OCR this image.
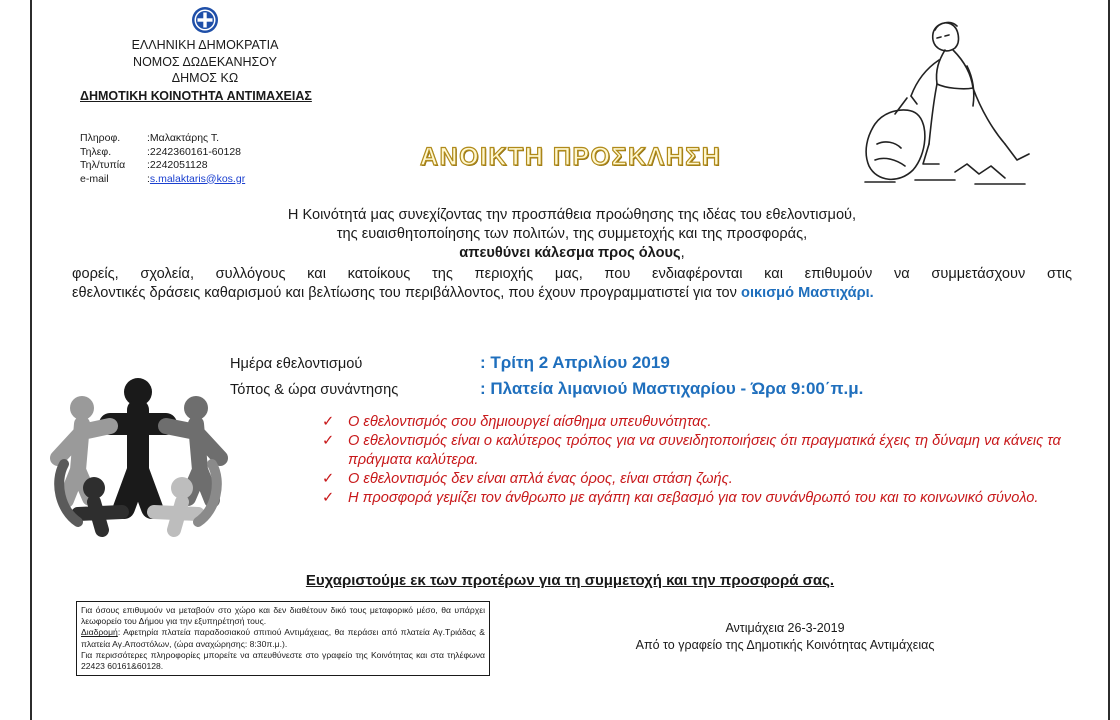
ΕΛΛΗΝΙΚΗ ΔΗΜΟΚΡΑΤΙΑ
ΝΟΜΟΣ ΔΩΔΕΚΑΝΗΣΟΥ
ΔΗΜΟΣ ΚΩ
ΔΗΜΟΤΙΚΗ ΚΟΙΝΟΤΗΤΑ ΑΝΤΙΜΑΧΕΙΑΣ
Πληροφ.	:Μαλακτάρης Τ.
Τηλεφ.	:2242360161-60128
Τηλ/τυπία	:2242051128
e-mail	:s.malaktaris@kos.gr
ΑΝΟΙΚΤΗ ΠΡΟΣΚΛΗΣΗ
Η Κοινότητά μας συνεχίζοντας την προσπάθεια προώθησης της ιδέας του εθελοντισμού,
της ευαισθητοποίησης των πολιτών, της συμμετοχής και της προσφοράς,
απευθύνει κάλεσμα προς όλους,
φορείς, σχολεία, συλλόγους και κατοίκους της περιοχής μας, που ενδιαφέρονται και επιθυμούν να συμμετάσχουν στις
εθελοντικές δράσεις καθαρισμού και βελτίωσης του περιβάλλοντος, που έχουν προγραμματιστεί για τον οικισμό Μαστιχάρι.
Ημέρα εθελοντισμού	: Τρίτη 2 Απριλίου 2019
Τόπος & ώρα συνάντησης	: Πλατεία λιμανιού Μαστιχαρίου - Ώρα 9:00΄π.μ.
✓ Ο εθελοντισμός σου δημιουργεί αίσθημα υπευθυνότητας.
✓ Ο εθελοντισμός είναι ο καλύτερος τρόπος για να συνειδητοποιήσεις ότι πραγματικά έχεις τη δύναμη να κάνεις τα πράγματα καλύτερα.
✓ Ο εθελοντισμός δεν είναι απλά ένας όρος, είναι στάση ζωής.
✓ Η προσφορά γεμίζει τον άνθρωπο με αγάπη και σεβασμό για τον συνάνθρωπό του και το κοινωνικό σύνολο.
Ευχαριστούμε εκ των προτέρων για τη συμμετοχή και την προσφορά σας.
Για όσους επιθυμούν να μεταβούν στο χώρο και δεν διαθέτουν δικό τους μεταφορικό μέσο, θα υπάρχει λεωφορείο του Δήμου για την εξυπηρέτησή τους.
Διαδρομή: Αφετηρία πλατεία παραδοσιακού σπιτιού Αντιμάχειας, θα περάσει από πλατεία Αγ.Τριάδας & πλατεία Αγ.Αποστόλων, (ώρα αναχώρησης: 8:30π.μ.).
Για περισσότερες πληροφορίες μπορείτε να απευθύνεστε στο γραφείο της Κοινότητας και στα τηλέφωνα 22423 60161&60128.
Αντιμάχεια 26-3-2019
Από το γραφείο της Δημοτικής Κοινότητας Αντιμάχειας
